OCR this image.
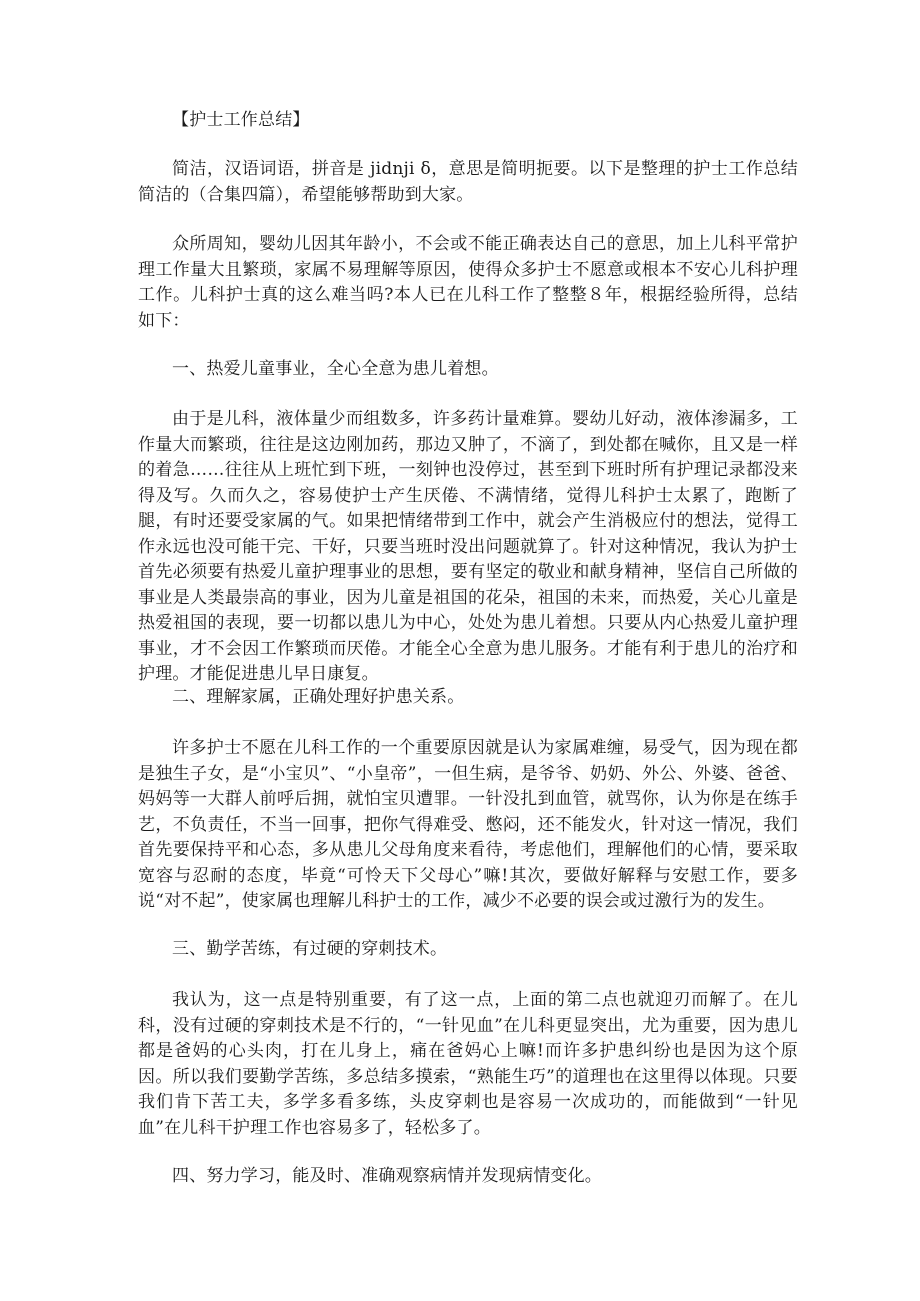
【护士工作总结】

简洁，汉语词语，拼音是 jidnji δ，意思是简明扼要。以下是整理的护士工作总结简洁的（合集四篇），希望能够帮助到大家。

众所周知，婴幼儿因其年龄小，不会或不能正确表达自己的意思，加上儿科平常护理工作量大且繁琐，家属不易理解等原因，使得众多护士不愿意或根本不安心儿科护理工作。儿科护士真的这么难当吗?本人已在儿科工作了整整８年，根据经验所得，总结如下：

一、热爱儿童事业，全心全意为患儿着想。

由于是儿科，液体量少而组数多，许多药计量难算。婴幼儿好动，液体渗漏多，工作量大而繁琐，往往是这边刚加药，那边又肿了，不滴了，到处都在喊你，且又是一样的着急……往往从上班忙到下班，一刻钟也没停过，甚至到下班时所有护理记录都没来得及写。久而久之，容易使护士产生厌倦、不满情绪，觉得儿科护士太累了，跑断了腿，有时还要受家属的气。如果把情绪带到工作中，就会产生消极应付的想法，觉得工作永远也没可能干完、干好，只要当班时没出问题就算了。针对这种情况，我认为护士首先必须要有热爱儿童护理事业的思想，要有坚定的敬业和献身精神，坚信自己所做的事业是人类最崇高的事业，因为儿童是祖国的花朵，祖国的未来，而热爱，关心儿童是热爱祖国的表现，要一切都以患儿为中心，处处为患儿着想。只要从内心热爱儿童护理事业，才不会因工作繁琐而厌倦。才能全心全意为患儿服务。才能有利于患儿的治疗和护理。才能促进患儿早日康复。

二、理解家属，正确处理好护患关系。

许多护士不愿在儿科工作的一个重要原因就是认为家属难缠，易受气，因为现在都是独生子女，是“小宝贝”、“小皇帝”，一但生病，是爷爷、奶奶、外公、外婆、爸爸、妈妈等一大群人前呼后拥，就怕宝贝遭罪。一针没扎到血管，就骂你，认为你是在练手艺，不负责任，不当一回事，把你气得难受、憋闷，还不能发火，针对这一情况，我们首先要保持平和心态，多从患儿父母角度来看待，考虑他们，理解他们的心情，要采取宽容与忍耐的态度，毕竟“可怜天下父母心”嘛!其次，要做好解释与安慰工作，要多说“对不起”，使家属也理解儿科护士的工作，减少不必要的误会或过激行为的发生。

三、勤学苦练，有过硬的穿刺技术。

我认为，这一点是特别重要，有了这一点，上面的第二点也就迎刃而解了。在儿科，没有过硬的穿刺技术是不行的，“一针见血”在儿科更显突出，尤为重要，因为患儿都是爸妈的心头肉，打在儿身上，痛在爸妈心上嘛!而许多护患纠纷也是因为这个原因。所以我们要勤学苦练，多总结多摸索，“熟能生巧”的道理也在这里得以体现。只要我们肯下苦工夫，多学多看多练，头皮穿刺也是容易一次成功的，而能做到“一针见血”在儿科干护理工作也容易多了，轻松多了。

四、努力学习，能及时、准确观察病情并发现病情变化。
